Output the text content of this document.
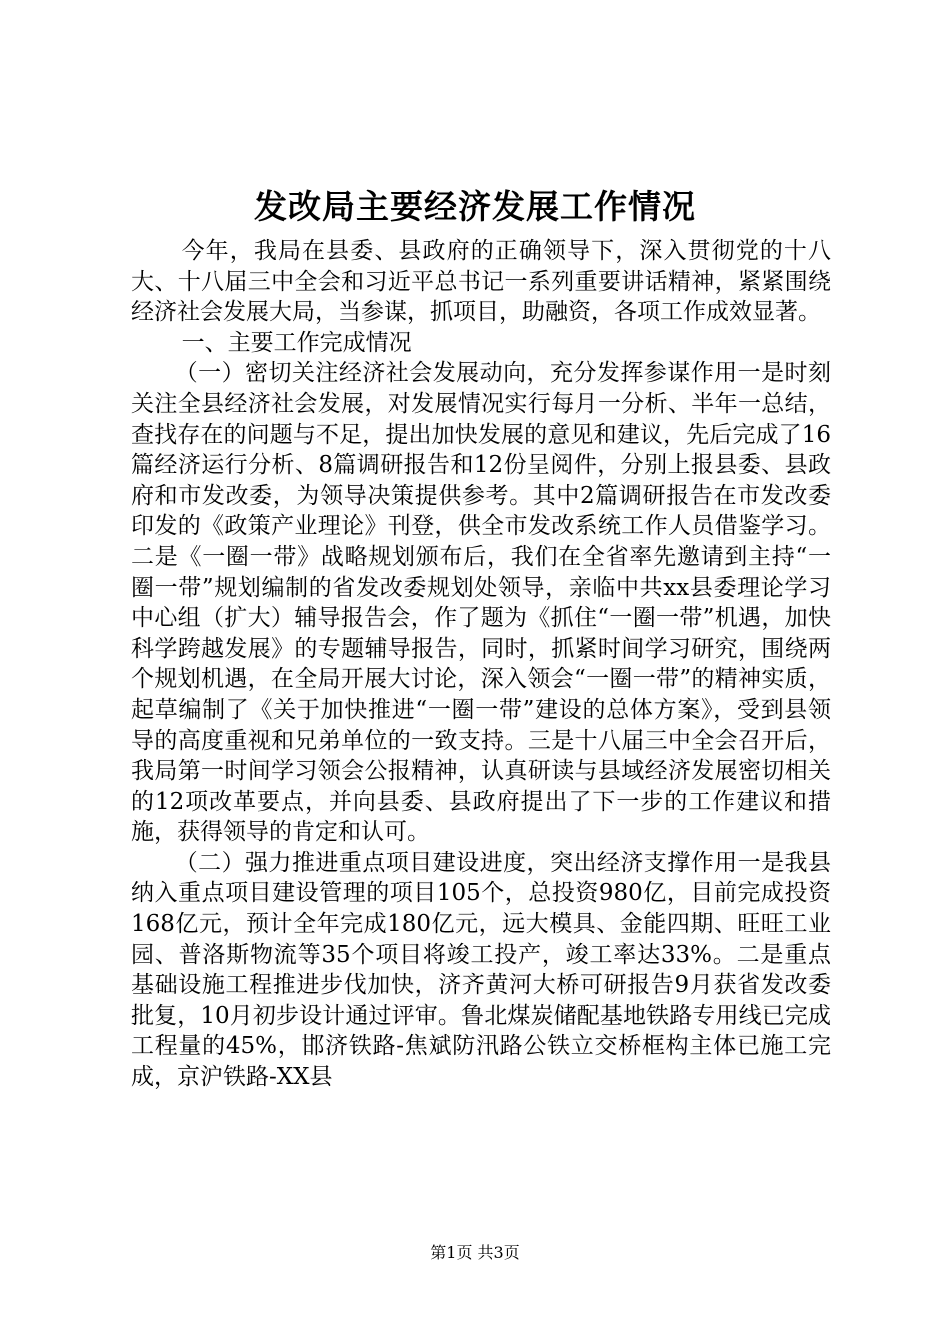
发改局主要经济发展工作情况

今年，我局在县委、县政府的正确领导下，深入贯彻党的十八大、十八届三中全会和习近平总书记一系列重要讲话精神，紧紧围绕经济社会发展大局，当参谋，抓项目，助融资，各项工作成效显著。

一、主要工作完成情况

（一）密切关注经济社会发展动向，充分发挥参谋作用一是时刻关注全县经济社会发展，对发展情况实行每月一分析、半年一总结，查找存在的问题与不足，提出加快发展的意见和建议，先后完成了16篇经济运行分析、8篇调研报告和12份呈阅件，分别上报县委、县政府和市发改委，为领导决策提供参考。其中2篇调研报告在市发改委印发的《政策产业理论》刊登，供全市发改系统工作人员借鉴学习。二是《一圈一带》战略规划颁布后，我们在全省率先邀请到主持“一圈一带”规划编制的省发改委规划处领导，亲临中共xx县委理论学习中心组（扩大）辅导报告会，作了题为《抓住“一圈一带”机遇，加快科学跨越发展》的专题辅导报告，同时，抓紧时间学习研究，围绕两个规划机遇，在全局开展大讨论，深入领会“一圈一带”的精神实质，起草编制了《关于加快推进“一圈一带”建设的总体方案》，受到县领导的高度重视和兄弟单位的一致支持。三是十八届三中全会召开后，我局第一时间学习领会公报精神，认真研读与县域经济发展密切相关的12项改革要点，并向县委、县政府提出了下一步的工作建议和措施，获得领导的肯定和认可。

（二）强力推进重点项目建设进度，突出经济支撑作用一是我县纳入重点项目建设管理的项目105个，总投资980亿，目前完成投资168亿元，预计全年完成180亿元，远大模具、金能四期、旺旺工业园、普洛斯物流等35个项目将竣工投产，竣工率达33%。二是重点基础设施工程推进步伐加快，济齐黄河大桥可研报告9月获省发改委批复，10月初步设计通过评审。鲁北煤炭储配基地铁路专用线已完成工程量的45%，邯济铁路-焦斌防汛路公铁立交桥框构主体已施工完成，京沪铁路-XX县

第1页 共3页
